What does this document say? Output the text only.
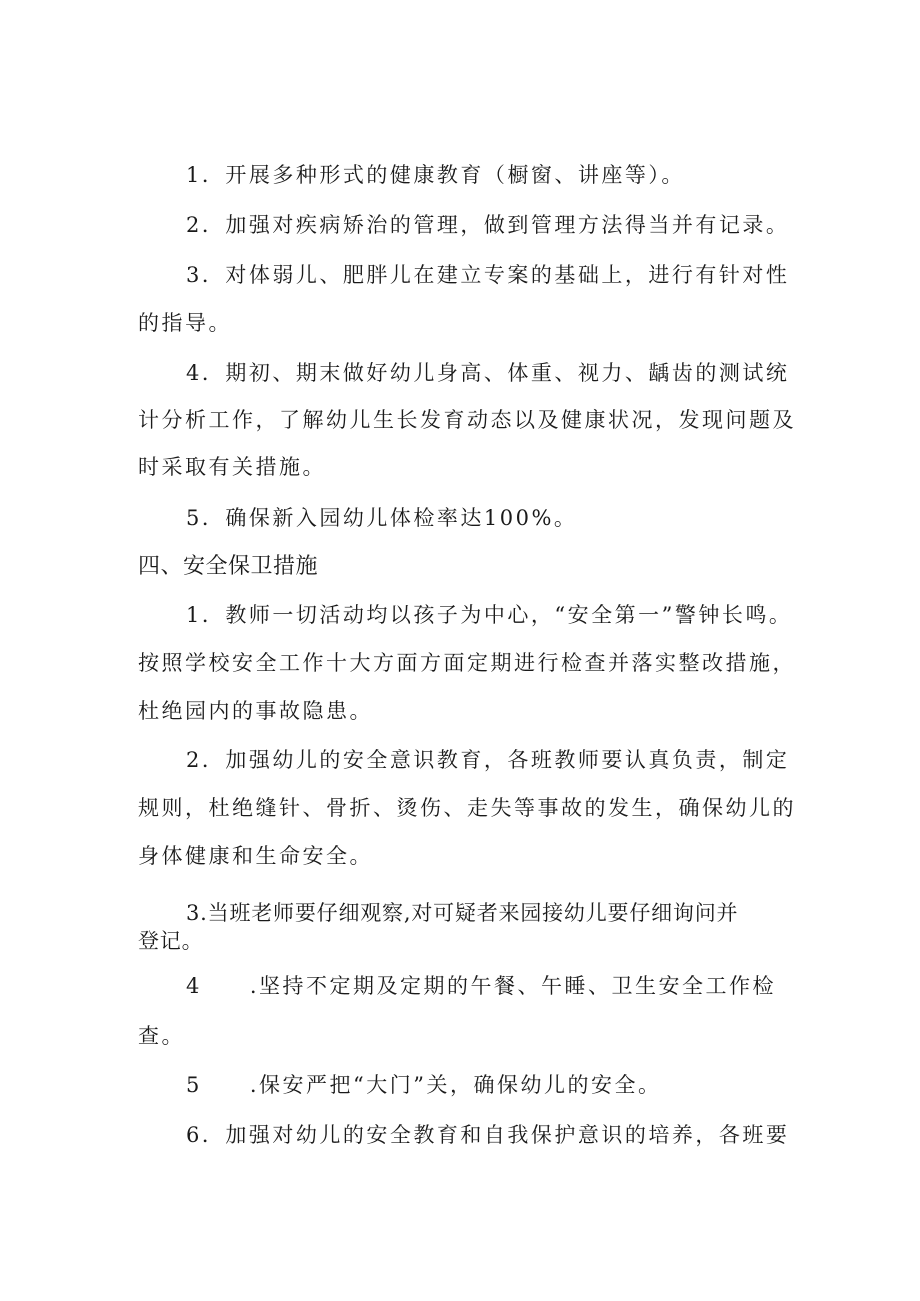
1．开展多种形式的健康教育（橱窗、讲座等）。
2．加强对疾病矫治的管理，做到管理方法得当并有记录。
3．对体弱儿、肥胖儿在建立专案的基础上，进行有针对性
的指导。
4．期初、期末做好幼儿身高、体重、视力、龋齿的测试统
计分析工作，了解幼儿生长发育动态以及健康状况，发现问题及
时采取有关措施。
5．确保新入园幼儿体检率达100%。
四、安全保卫措施
1．教师一切活动均以孩子为中心，“安全第一”警钟长鸣。
按照学校安全工作十大方面方面定期进行检查并落实整改措施，
杜绝园内的事故隐患。
2．加强幼儿的安全意识教育，各班教师要认真负责，制定
规则，杜绝缝针、骨折、烫伤、走失等事故的发生，确保幼儿的
身体健康和生命安全。
3.当班老师要仔细观察,对可疑者来园接幼儿要仔细询问并
登记。
4 .坚持不定期及定期的午餐、午睡、卫生安全工作检
查。
5 .保安严把“大门”关，确保幼儿的安全。
6．加强对幼儿的安全教育和自我保护意识的培养，各班要
